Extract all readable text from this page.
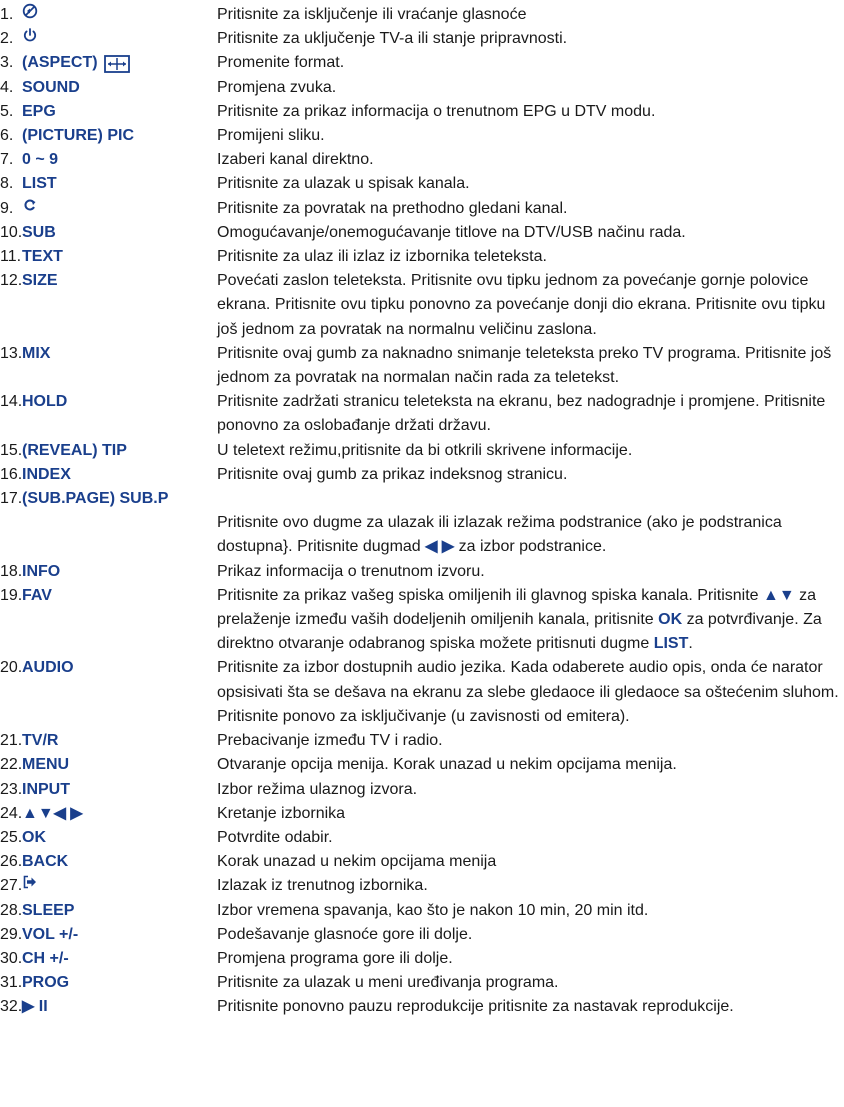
1.	Pritisnite za isključenje ili vraćanje glasnoće
2.	Pritisnite za uključenje TV-a ili stanje pripravnosti.
3. (ASPECT)	Promenite format.
4. SOUND	Promjena zvuka.
5. EPG	Pritisnite za prikaz informacija o trenutnom EPG u DTV modu.
6. (PICTURE) PIC	Promijeni sliku.
7. 0 ~ 9	Izaberi kanal direktno.
8. LIST	Pritisnite za ulazak u spisak kanala.
9.	Pritisnite za povratak na prethodno gledani kanal.
10. SUB	Omogućavanje/onemogućavanje titlove na DTV/USB načinu rada.
11. TEXT	Pritisnite za ulaz ili izlaz iz izbornika teleteksta.
12. SIZE	Povećati zaslon teleteksta. Pritisnite ovu tipku jednom za povećanje gornje polovice ekrana. Pritisnite ovu tipku ponovno za povećanje donji dio ekrana. Pritisnite ovu tipku još jednom za povratak na normalnu veličinu zaslona.
13. MIX	Pritisnite ovaj gumb za naknadno snimanje teleteksta preko TV programa. Pritisnite još jednom za povratak na normalan način rada za teletekst.
14. HOLD	Pritisnite zadržati stranicu teleteksta na ekranu, bez nadogradnje i promjene. Pritisnite ponovno za oslobađanje držati državu.
15. (REVEAL) TIP	U teletext režimu,pritisnite da bi otkrili skrivene informacije.
16. INDEX	Pritisnite ovaj gumb za prikaz indeksnog stranicu.
17. (SUB.PAGE) SUB.P
Pritisnite ovo dugme za ulazak ili izlazak režima podstranice (ako je podstranica dostupna}. Pritisnite dugmad ◀ ▶ za izbor podstranice.
18. INFO	Prikaz informacija o trenutnom izvoru.
19. FAV	Pritisnite za prikaz vašeg spiska omiljenih ili glavnog spiska kanala. Pritisnite ▲▼ za prelaženje između vaših dodeljenih omiljenih kanala, pritisnite OK za potvrđivanje. Za direktno otvaranje odabranog spiska možete pritisnuti dugme LIST.
20. AUDIO	Pritisnite za izbor dostupnih audio jezika. Kada odaberete audio opis, onda će narator opsisivati šta se dešava na ekranu za slebe gledaoce ili gledaoce sa oštećenim sluhom. Pritisnite ponovo za isključivanje (u zavisnosti od emitera).
21. TV/R	Prebacivanje između TV i radio.
22. MENU	Otvaranje opcija menija. Korak unazad u nekim opcijama menija.
23. INPUT	Izbor režima ulaznog izvora.
24. ▲▼◀ ▶	Kretanje izbornika
25. OK	Potvrdite odabir.
26. BACK	Korak unazad u nekim opcijama menija
27.	Izlazak iz trenutnog izbornika.
28. SLEEP	Izbor vremena spavanja, kao što je nakon 10 min, 20 min itd.
29. VOL +/-	Podešavanje glasnoće gore ili dolje.
30. CH +/-	Promjena programa gore ili dolje.
31. PROG	Pritisnite za ulazak u meni uređivanja programa.
32. ▶ II	Pritisnite ponovno pauzu reprodukcije pritisnite za nastavak reprodukcije.
